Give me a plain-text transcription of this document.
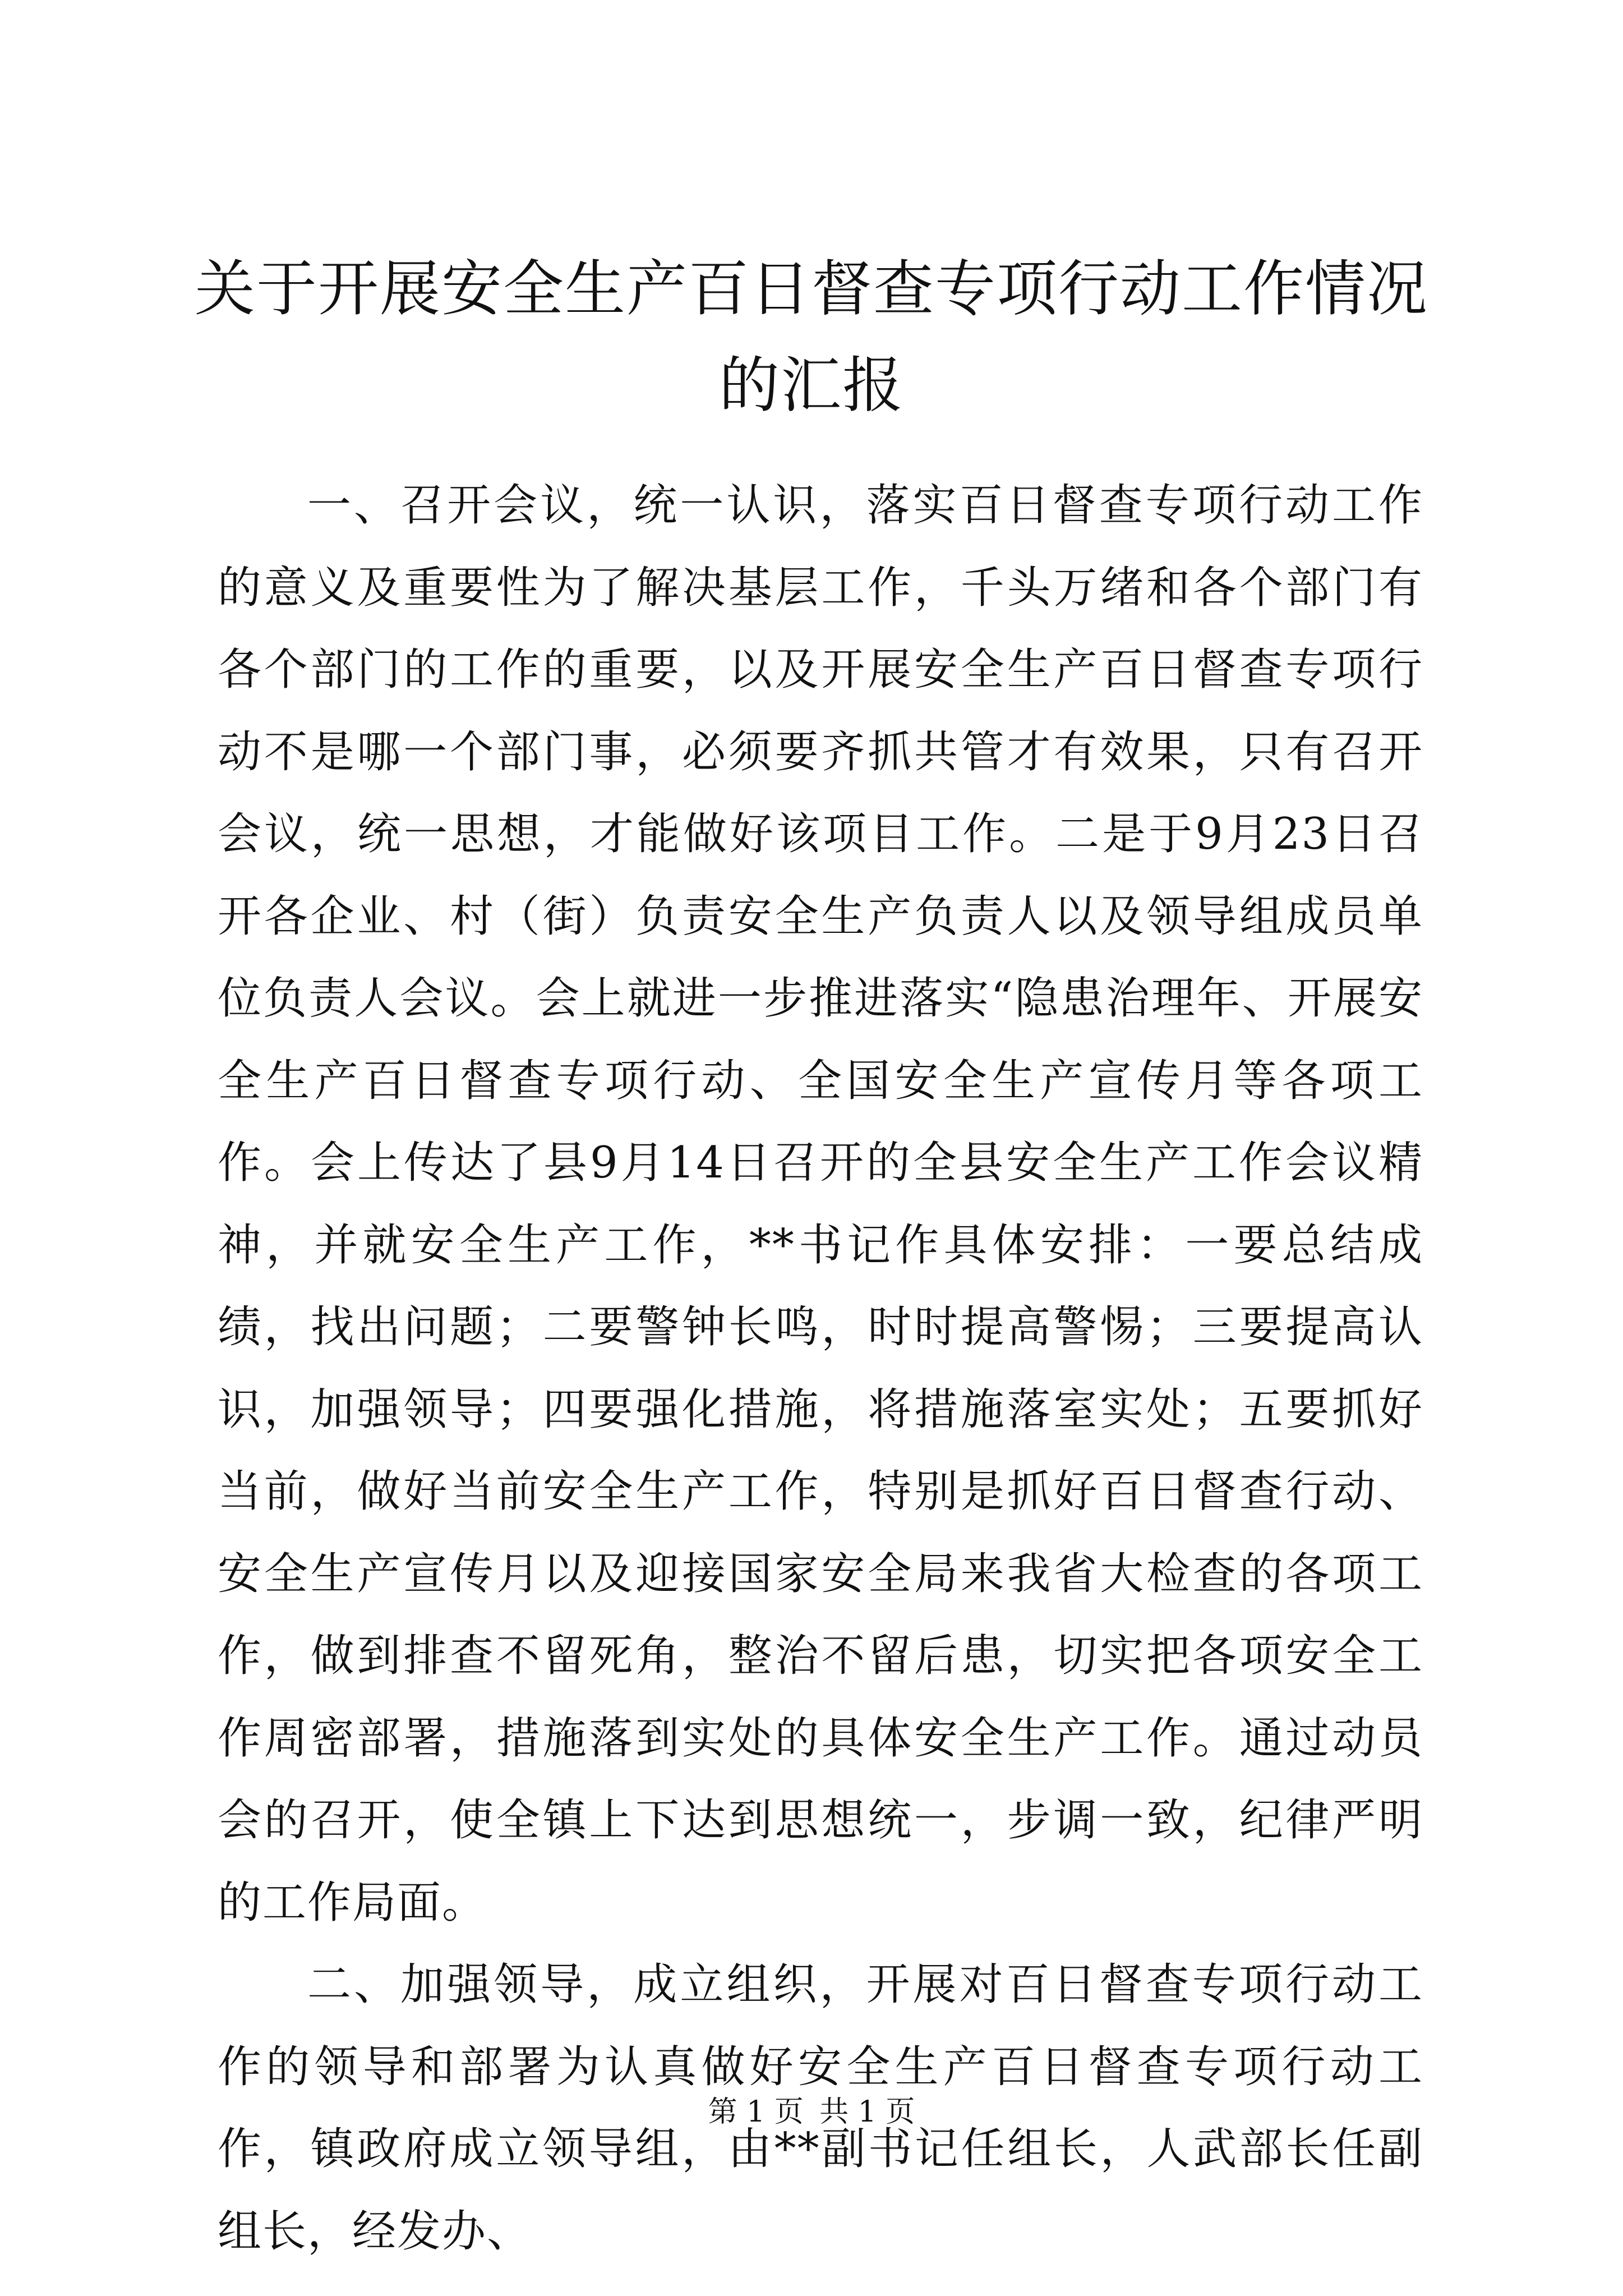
关于开展安全生产百日督查专项行动工作情况的汇报

一、召开会议，统一认识，落实百日督查专项行动工作的意义及重要性为了解决基层工作，千头万绪和各个部门有各个部门的工作的重要，以及开展安全生产百日督查专项行动不是哪一个部门事，必须要齐抓共管才有效果，只有召开会议，统一思想，才能做好该项目工作。二是于9月23日召开各企业、村（街）负责安全生产负责人以及领导组成员单位负责人会议。会上就进一步推进落实“隐患治理年、开展安全生产百日督查专项行动、全国安全生产宣传月等各项工作。会上传达了县9月14日召开的全县安全生产工作会议精神，并就安全生产工作，**书记作具体安排：一要总结成绩，找出问题；二要警钟长鸣，时时提高警惕；三要提高认识，加强领导；四要强化措施，将措施落室实处；五要抓好当前，做好当前安全生产工作，特别是抓好百日督查行动、安全生产宣传月以及迎接国家安全局来我省大检查的各项工作，做到排查不留死角，整治不留后患，切实把各项安全工作周密部署，措施落到实处的具体安全生产工作。通过动员会的召开，使全镇上下达到思想统一，步调一致，纪律严明的工作局面。

二、加强领导，成立组织，开展对百日督查专项行动工作的领导和部署为认真做好安全生产百日督查专项行动工作，镇政府成立领导组，由**副书记任组长，人武部长任副组长，经发办、

第 1 页 共 1 页
